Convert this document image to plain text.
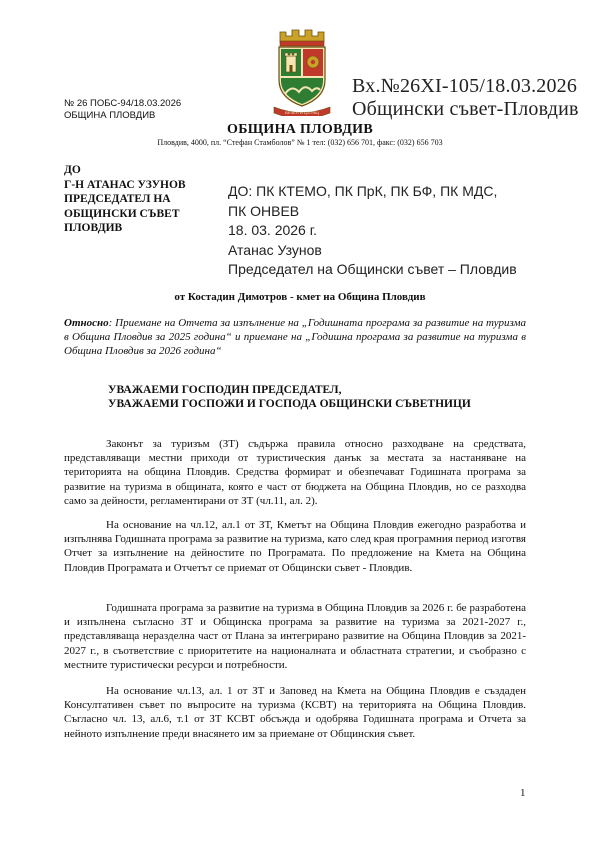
№ 26 ПОБС-94/18.03.2026
ОБЩИНА ПЛОВДИВ	ВЕЧЕН И ЦЪТЯЩ
Вх.№26XI-105/18.03.2026
Общински съвет-Пловдив
ОБЩИНА ПЛОВДИВ
Пловдив, 4000, пл. “Стефан Стамболов” № 1 тел: (032) 656 701, факс: (032) 656 703
ДО
Г-Н АТАНАС УЗУНОВ
ПРЕДСЕДАТЕЛ НА
ОБЩИНСКИ СЪВЕТ
ПЛОВДИВ
ДО: ПК КТЕМО, ПК ПрК, ПК БФ, ПК МДС,
ПК ОНВЕВ
18. 03. 2026 г.
Атанас Узунов
Председател на Общински съвет – Пловдив
от Костадин Димотров - кмет на Община Пловдив
Относно: Приемане на Отчета за изпълнение на „Годишната програма за развитие на туризма в Община Пловдив за 2025 година“ и приемане на „Годишна програма за развитие на туризма в Община Пловдив за 2026 година“
УВАЖАЕМИ ГОСПОДИН ПРЕДСЕДАТЕЛ,
УВАЖАЕМИ ГОСПОЖИ И ГОСПОДА ОБЩИНСКИ СЪВЕТНИЦИ

Законът за туризъм (ЗТ) съдържа правила относно разходване на средствата, представляващи местни приходи от туристическия данък за местата за настаняване на територията на община Пловдив. Средства формират и обезпечават Годишната програма за развитие на туризма в общината, която е част от бюджета на Община Пловдив, но се разходва само за дейности, регламентирани от ЗТ (чл.11, ал. 2).

На основание на чл.12, ал.1 от ЗТ, Кметът на Община Пловдив ежегодно разработва и изпълнява Годишната програма за развитие на туризма, като след края програмния период изготвя Отчет за изпълнение на дейностите по Програмата. По предложение на Кмета на Община Пловдив Програмата и Отчетът се приемат от Общински съвет - Пловдив.

Годишната програма за развитие на туризма в Община Пловдив за 2026 г. бе разработена и изпълнена съгласно ЗТ и Общинска програма за развитие на туризма за 2021-2027 г., представляваща неразделна част от Плана за интегрирано развитие на Община Пловдив за 2021-2027 г., в съответствие с приоритетите на националната и областната стратегии, и съобразно с местните туристически ресурси и потребности.

На основание чл.13, ал. 1 от ЗТ и Заповед на Кмета на Община Пловдив е създаден Консултативен съвет по въпросите на туризма (КСВТ) на територията на Община Пловдив. Съгласно чл. 13, ал.6, т.1 от ЗТ КСВТ обсъжда и одобрява Годишната програма и Отчета за нейното изпълнение преди внасянето им за приемане от Общинския съвет.

1
